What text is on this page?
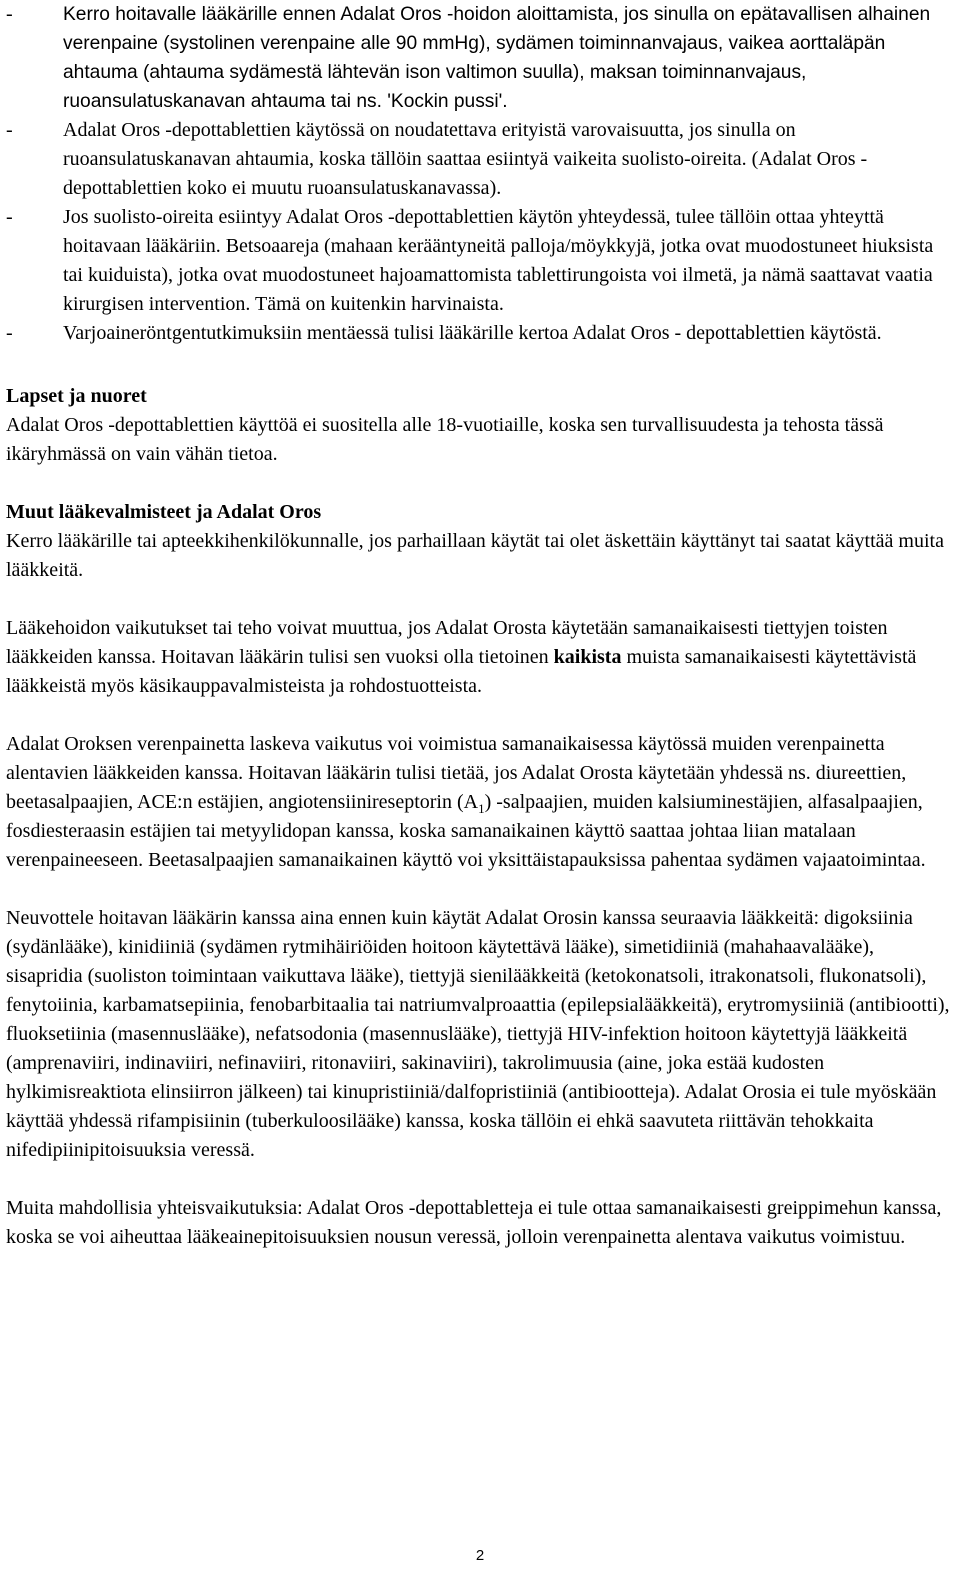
-	Kerro hoitavalle lääkärille ennen Adalat Oros -hoidon aloittamista, jos sinulla on epätavallisen alhainen verenpaine (systolinen verenpaine alle 90 mmHg), sydämen toiminnanvajaus, vaikea aorttaläpän ahtauma (ahtauma sydämestä lähtevän ison valtimon suulla), maksan toiminnanvajaus, ruoansulatuskanavan ahtauma tai ns. 'Kockin pussi'.
-	Adalat Oros -depottablettien käytössä on noudatettava erityistä varovaisuutta, jos sinulla on ruoansulatuskanavan ahtaumia, koska tällöin saattaa esiintyä vaikeita suolisto-oireita. (Adalat Oros -depottablettien koko ei muutu ruoansulatuskanavassa).
-	Jos suolisto-oireita esiintyy Adalat Oros -depottablettien käytön yhteydessä, tulee tällöin ottaa yhteyttä hoitavaan lääkäriin. Betsoaareja (mahaan kerääntyneitä palloja/möykkyjä, jotka ovat muodostuneet hiuksista tai kuiduista), jotka ovat muodostuneet hajoamattomista tablettirungoista voi ilmetä, ja nämä saattavat vaatia kirurgisen intervention. Tämä on kuitenkin harvinaista.
-	Varjoaineröntgentutkimuksiin mentäessä tulisi lääkärille kertoa Adalat Oros - depottablettien käytöstä.

Lapset ja nuoret

Adalat Oros -depottablettien käyttöä ei suositella alle 18-vuotiaille, koska sen turvallisuudesta ja tehosta tässä ikäryhmässä on vain vähän tietoa.

Muut lääkevalmisteet ja Adalat Oros

Kerro lääkärille tai apteekkihenkilökunnalle, jos parhaillaan käytät tai olet äskettäin käyttänyt tai saatat käyttää muita lääkkeitä.

Lääkehoidon vaikutukset tai teho voivat muuttua, jos Adalat Orosta käytetään samanaikaisesti tiettyjen toisten lääkkeiden kanssa. Hoitavan lääkärin tulisi sen vuoksi olla tietoinen kaikista muista samanaikaisesti käytettävistä lääkkeistä myös käsikauppavalmisteista ja rohdostuotteista.

Adalat Oroksen verenpainetta laskeva vaikutus voi voimistua samanaikaisessa käytössä muiden verenpainetta alentavien lääkkeiden kanssa. Hoitavan lääkärin tulisi tietää, jos Adalat Orosta käytetään yhdessä ns. diureettien, beetasalpaajien, ACE:n estäjien, angiotensiinireseptorin $(A_1)$ -salpaajien, muiden kalsiuminestäjien, alfasalpaajien, fosdiesteraasin estäjien tai metyylidopan kanssa, koska samanaikainen käyttö saattaa johtaa liian matalaan verenpaineeseen. Beetasalpaajien samanaikainen käyttö voi yksittäistapauksissa pahentaa sydämen vajaatoimintaa.

Neuvottele hoitavan lääkärin kanssa aina ennen kuin käytät Adalat Orosin kanssa seuraavia lääkkeitä: digoksiinia (sydänlääke), kinidiiniä (sydämen rytmihäiriöiden hoitoon käytettävä lääke), simetidiiniä (mahahaavalääke), sisapridia (suoliston toimintaan vaikuttava lääke), tiettyjä sienilääkkeitä (ketokonatsoli, itrakonatsoli, flukonatsoli), fenytoiinia, karbamatsepiinia, fenobarbitaalia tai natriumvalproaattia (epilepsialääkkeitä), erytromysiiniä (antibiootti), fluoksetiinia (masennuslääke), nefatsodonia (masennuslääke), tiettyjä HIV-infektion hoitoon käytettyjä lääkkeitä (amprenaviiri, indinaviiri, nefinaviiri, ritonaviiri, sakinaviiri), takrolimuusia (aine, joka estää kudosten hylkimisreaktiota elinsiirron jälkeen) tai kinupristiiniä/dalfopristiiniä (antibiootteja). Adalat Orosia ei tule myöskään käyttää yhdessä rifampisiinin (tuberkuloosilääke) kanssa, koska tällöin ei ehkä saavuteta riittävän tehokkaita nifedipiinipitoisuuksia veressä.

Muita mahdollisia yhteisvaikutuksia: Adalat Oros -depottabletteja ei tule ottaa samanaikaisesti greippimehun kanssa, koska se voi aiheuttaa lääkeainepitoisuuksien nousun veressä, jolloin verenpainetta alentava vaikutus voimistuu.

2
